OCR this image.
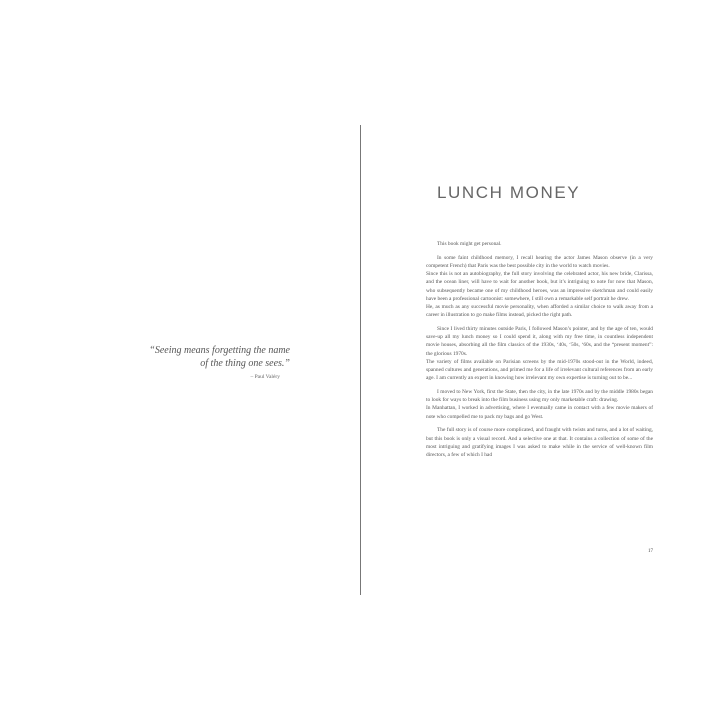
“Seeing means forgetting the name
of the thing one sees.”

– Paul Valéry
LUNCH MONEY

This book might get personal.

In some faint childhood memory, I recall hearing the actor James Mason observe (in a very competent French) that Paris was the best possible city in the world to watch movies.

Since this is not an autobiography, the full story involving the celebrated actor, his new bride, Clarissa, and the ocean liner, will have to wait for another book, but it’s intriguing to note for now that Mason, who subsequently became one of my childhood heroes, was an impressive sketchman and could easily have been a professional cartoonist: somewhere, I still own a remarkable self portrait he drew.

He, as much as any successful movie personality, when afforded a similar choice to walk away from a career in illustration to go make films instead, picked the right path.

Since I lived thirty minutes outside Paris, I followed Mason’s pointer, and by the age of ten, would save-up all my lunch money so I could spend it, along with my free time, in countless independent movie houses, absorbing all the film classics of the 1930s, ‘40s, ‘50s, ‘60s, and the “present moment”: the glorious 1970s.

The variety of films available on Parisian screens by the mid-1970s stood-out in the World, indeed, spanned cultures and generations, and primed me for a life of irrelevant cultural references from an early age. I am currently an expert in knowing how irrelevant my own expertise is turning out to be...

I moved to New York, first the State, then the city, in the late 1970s and by the middle 1980s began to look for ways to break into the film business using my only marketable craft: drawing.

In Manhattan, I worked in advertising, where I eventually came in contact with a few movie makers of note who compelled me to pack my bags and go West.

The full story is of course more complicated, and fraught with twists and turns, and a lot of waiting, but this book is only a visual record. And a selective one at that. It contains a collection of some of the most intriguing and gratifying images I was asked to make while in the service of well-known film directors, a few of which I had

17
